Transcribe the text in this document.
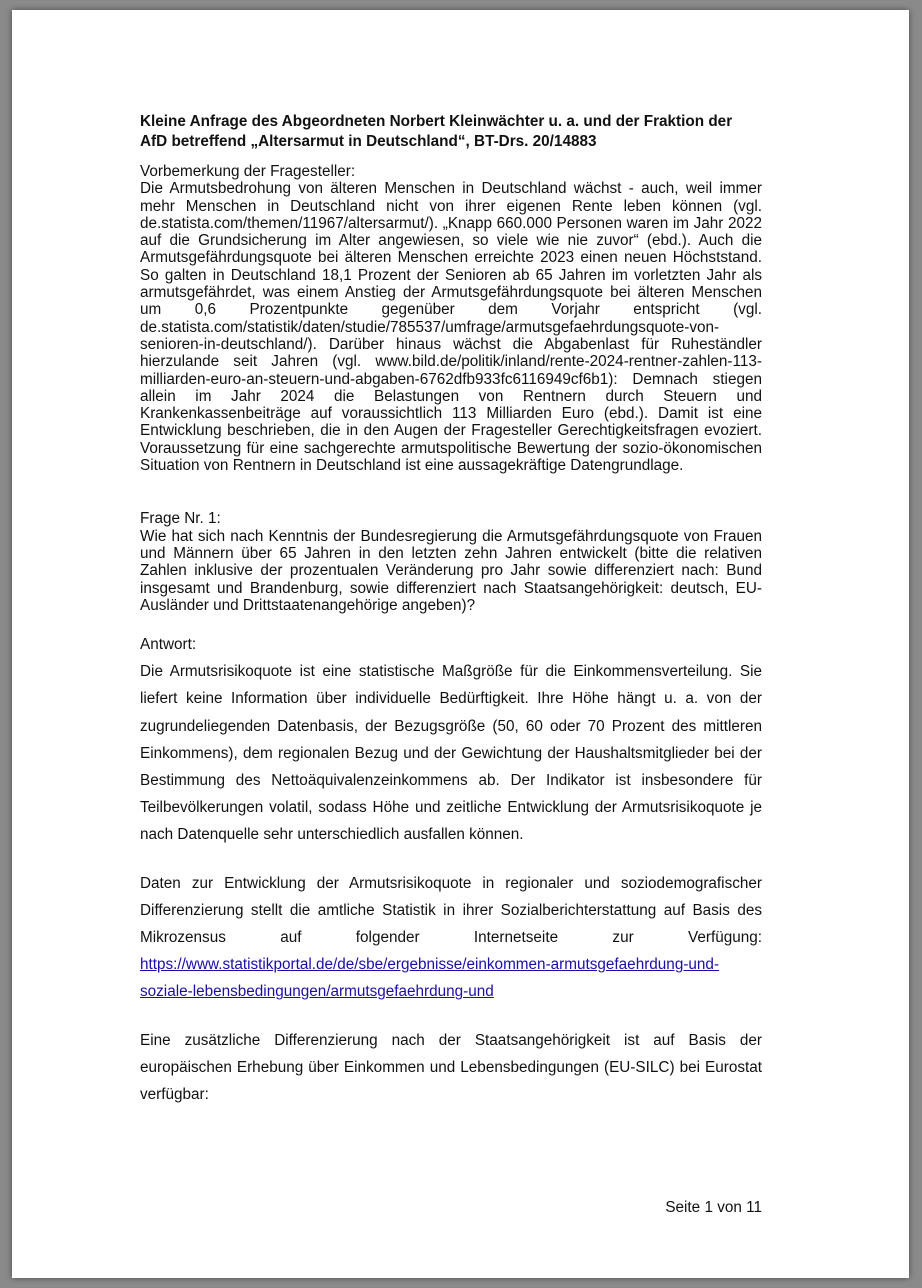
Kleine Anfrage des Abgeordneten Norbert Kleinwächter u. a. und der Fraktion der AfD betreffend „Altersarmut in Deutschland“, BT-Drs. 20/14883

Vorbemerkung der Fragesteller:

Die Armutsbedrohung von älteren Menschen in Deutschland wächst - auch, weil immer mehr Menschen in Deutschland nicht von ihrer eigenen Rente leben können (vgl. de.statista.com/themen/11967/altersarmut/). „Knapp 660.000 Personen waren im Jahr 2022 auf die Grundsicherung im Alter angewiesen, so viele wie nie zuvor“ (ebd.). Auch die Armutsgefährdungsquote bei älteren Menschen erreichte 2023 einen neuen Höchststand. So galten in Deutschland 18,1 Prozent der Senioren ab 65 Jahren im vorletzten Jahr als armutsgefährdet, was einem Anstieg der Armutsgefährdungsquote bei älteren Menschen um 0,6 Prozentpunkte gegenüber dem Vorjahr entspricht (vgl. de.statista.com/statistik/daten/studie/785537/umfrage/armutsgefaehrdungsquote-von-senioren-in-deutschland/). Darüber hinaus wächst die Abgabenlast für Ruheständler hierzulande seit Jahren (vgl. www.bild.de/politik/inland/rente-2024-rentner-zahlen-113-milliarden-euro-an-steuern-und-abgaben-6762dfb933fc6116949cf6b1): Demnach stiegen allein im Jahr 2024 die Belastungen von Rentnern durch Steuern und Krankenkassenbeiträge auf voraussichtlich 113 Milliarden Euro (ebd.). Damit ist eine Entwicklung beschrieben, die in den Augen der Fragesteller Gerechtigkeitsfragen evoziert. Voraussetzung für eine sachgerechte armutspolitische Bewertung der sozio-ökonomischen Situation von Rentnern in Deutschland ist eine aussagekräftige Datengrundlage.

Frage Nr. 1:

Wie hat sich nach Kenntnis der Bundesregierung die Armutsgefährdungsquote von Frauen und Männern über 65 Jahren in den letzten zehn Jahren entwickelt (bitte die relativen Zahlen inklusive der prozentualen Veränderung pro Jahr sowie differenziert nach: Bund insgesamt und Brandenburg, sowie differenziert nach Staatsangehörigkeit: deutsch, EU-Ausländer und Drittstaatenangehörige angeben)?

Antwort:

Die Armutsrisikoquote ist eine statistische Maßgröße für die Einkommensverteilung. Sie liefert keine Information über individuelle Bedürftigkeit. Ihre Höhe hängt u. a. von der zugrundeliegenden Datenbasis, der Bezugsgröße (50, 60 oder 70 Prozent des mittleren Einkommens), dem regionalen Bezug und der Gewichtung der Haushaltsmitglieder bei der Bestimmung des Nettoäquivalenzeinkommens ab. Der Indikator ist insbesondere für Teilbevölkerungen volatil, sodass Höhe und zeitliche Entwicklung der Armutsrisikoquote je nach Datenquelle sehr unterschiedlich ausfallen können.

Daten zur Entwicklung der Armutsrisikoquote in regionaler und soziodemografischer Differenzierung stellt die amtliche Statistik in ihrer Sozialberichterstattung auf Basis des Mikrozensus auf folgender Internetseite zur Verfügung: https://www.statistikportal.de/de/sbe/ergebnisse/einkommen-armutsgefaehrdung-und-soziale-lebensbedingungen/armutsgefaehrdung-und

Eine zusätzliche Differenzierung nach der Staatsangehörigkeit ist auf Basis der europäischen Erhebung über Einkommen und Lebensbedingungen (EU-SILC) bei Eurostat verfügbar:

Seite 1 von 11
